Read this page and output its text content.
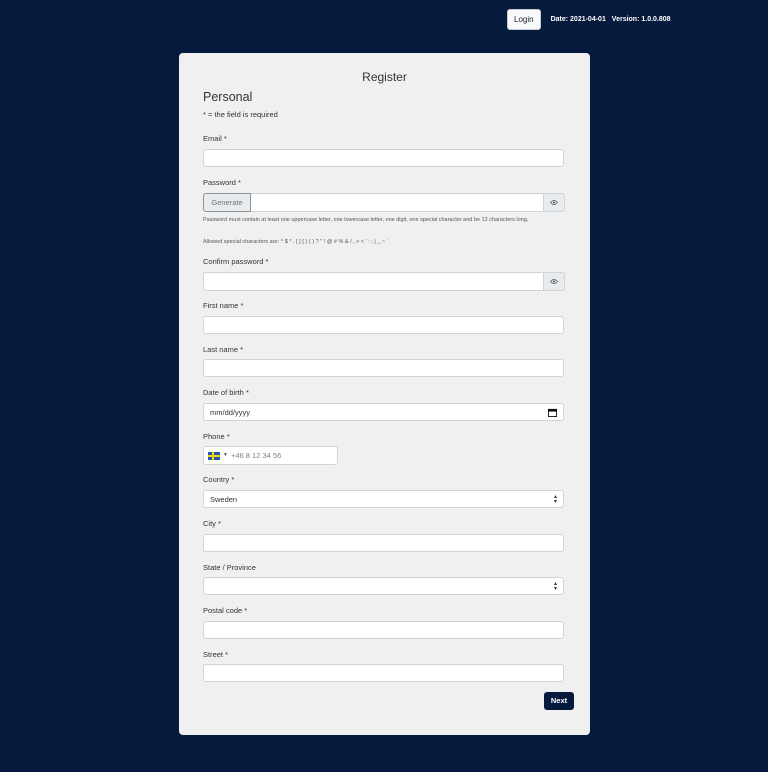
Login	Date: 2021-04-01 Version: 1.0.0.808
Register
Personal
* = the field is required
Email *
Password *
Generate
Password must contain at least one uppercase letter, one lowercase letter, one digit, one special character and be 12 characters long.
Allowed special characters are: ^ $ * . [ ] { } ( ) ? " ! @ # % & / , > < ' : ; | _ ~ `
Confirm password *
First name *
Last name *
Date of birth *
mm/dd/yyyy
Phone *
▼ +46 8 12 34 56
Country *
Sweden	▴
▾
City *
State / Province
▴
▾
Postal code *
Street *
Next
